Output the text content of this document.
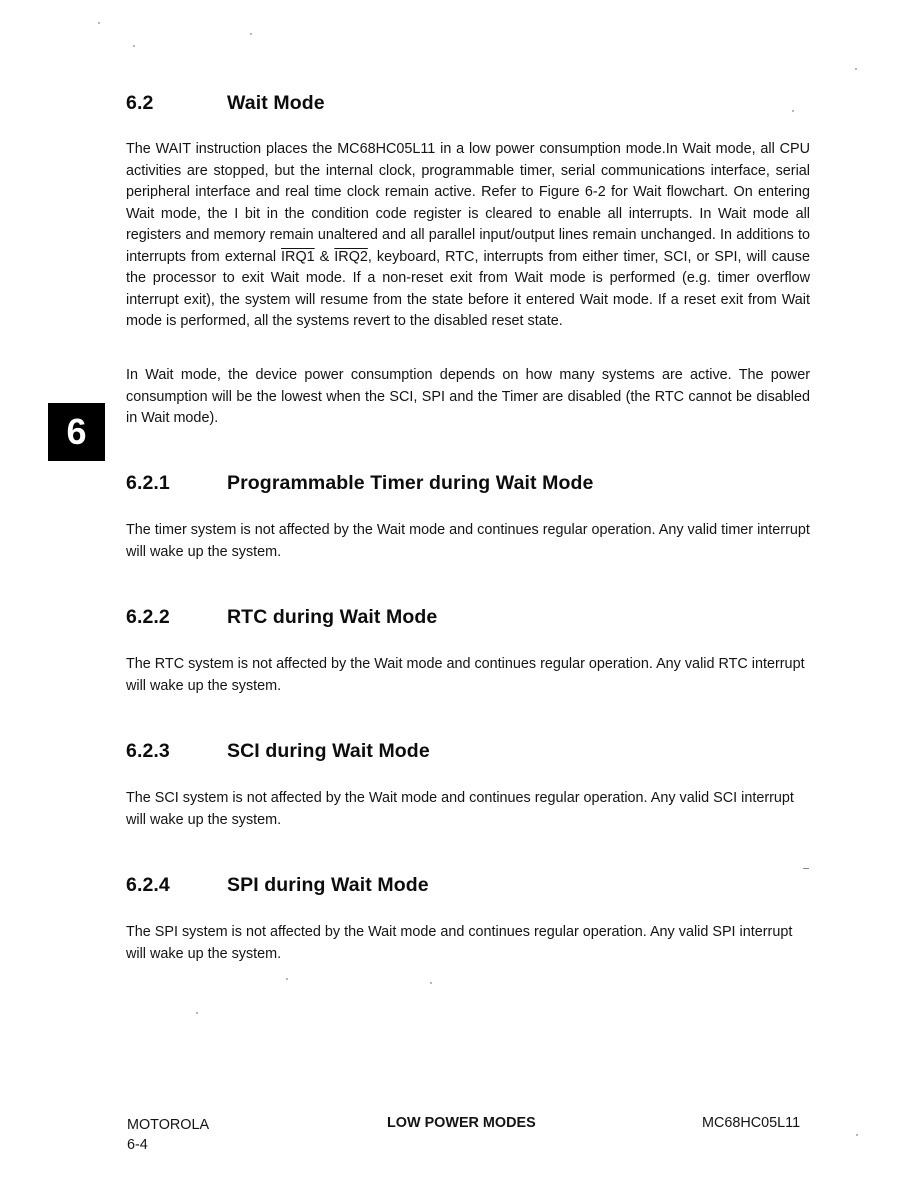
6.2	Wait Mode
The WAIT instruction places the MC68HC05L11 in a low power consumption mode.In Wait mode, all CPU activities are stopped, but the internal clock, programmable timer, serial communications interface, serial peripheral interface and real time clock remain active. Refer to Figure 6-2 for Wait flowchart. On entering Wait mode, the I bit in the condition code register is cleared to enable all interrupts. In Wait mode all registers and memory remain unaltered and all parallel input/output lines remain unchanged. In additions to interrupts from external IRQ1 & IRQ2, keyboard, RTC, interrupts from either timer, SCI, or SPI, will cause the processor to exit Wait mode. If a non-reset exit from Wait mode is performed (e.g. timer overflow interrupt exit), the system will resume from the state before it entered Wait mode. If a reset exit from Wait mode is performed, all the systems revert to the disabled reset state.
In Wait mode, the device power consumption depends on how many systems are active. The power consumption will be the lowest when the SCI, SPI and the Timer are disabled (the RTC cannot be disabled in Wait mode).
6
6.2.1	Programmable Timer during Wait Mode
The timer system is not affected by the Wait mode and continues regular operation. Any valid timer interrupt will wake up the system.
6.2.2	RTC during Wait Mode
The RTC system is not affected by the Wait mode and continues regular operation. Any valid RTC interrupt will wake up the system.
6.2.3	SCI during Wait Mode
The SCI system is not affected by the Wait mode and continues regular operation. Any valid SCI interrupt will wake up the system.
6.2.4	SPI during Wait Mode
The SPI system is not affected by the Wait mode and continues regular operation. Any valid SPI interrupt will wake up the system.
MOTOROLA
6-4
LOW POWER MODES	MC68HC05L11
